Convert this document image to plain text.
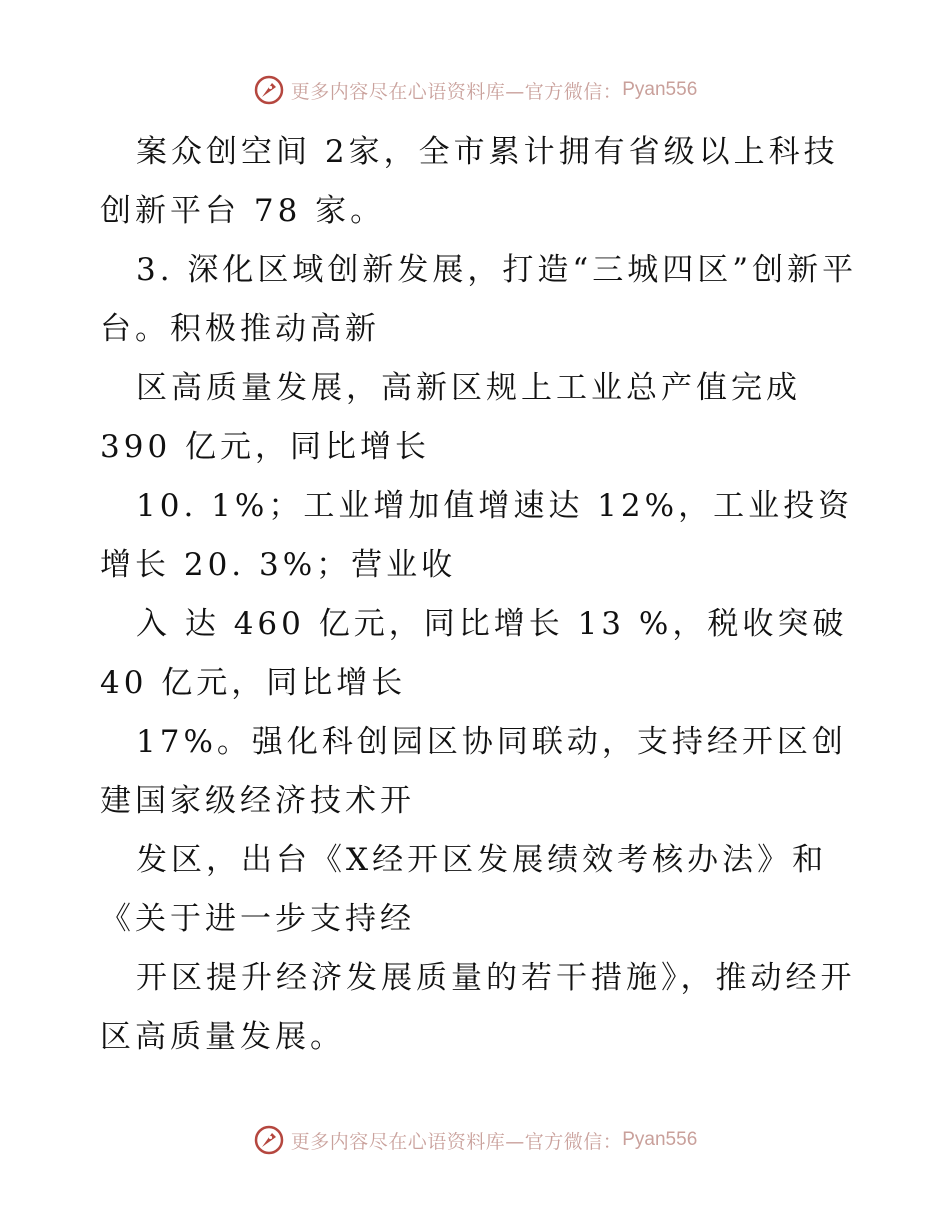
更多内容尽在心语资料库—官方微信： Pyan556

案众创空间 2家，全市累计拥有省级以上科技创新平台 78 家。

3. 深化区域创新发展，打造“三城四区”创新平台。积极推动高新

区高质量发展，高新区规上工业总产值完成 390 亿元，同比增长

10. 1%；工业增加值增速达 12%，工业投资增长 20. 3%；营业收

入 达 460 亿元，同比增长 13 %，税收突破 40 亿元，同比增长

17%。强化科创园区协同联动，支持经开区创建国家级经济技术开

发区，出台《X经开区发展绩效考核办法》和《关于进一步支持经

开区提升经济发展质量的若干措施》，推动经开区高质量发展。

更多内容尽在心语资料库—官方微信： Pyan556
